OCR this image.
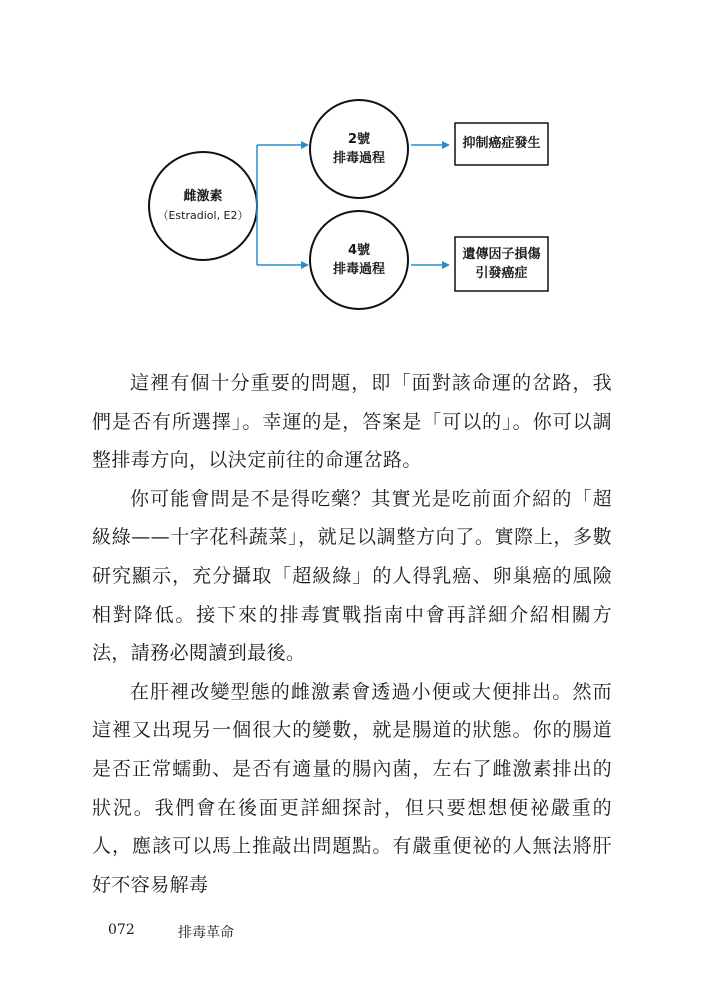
雌激素
（Estradiol, E2）
2號
排毒過程
4號
排毒過程
抑制癌症發生
遺傳因子損傷
引發癌症

這裡有個十分重要的問題，即「面對該命運的岔路，我們是否有所選擇」。幸運的是，答案是「可以的」。你可以調整排毒方向，以決定前往的命運岔路。

你可能會問是不是得吃藥？其實光是吃前面介紹的「超級綠——十字花科蔬菜」，就足以調整方向了。實際上，多數研究顯示，充分攝取「超級綠」的人得乳癌、卵巢癌的風險相對降低。接下來的排毒實戰指南中會再詳細介紹相關方法，請務必閱讀到最後。

在肝裡改變型態的雌激素會透過小便或大便排出。然而這裡又出現另一個很大的變數，就是腸道的狀態。你的腸道是否正常蠕動、是否有適量的腸內菌，左右了雌激素排出的狀況。我們會在後面更詳細探討，但只要想想便祕嚴重的人，應該可以馬上推敲出問題點。有嚴重便祕的人無法將肝好不容易解毒

072	排毒革命
